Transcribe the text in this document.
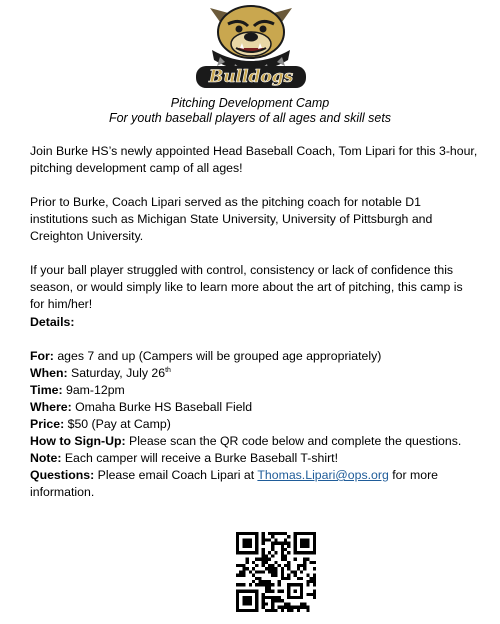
Bulldogs
BASEBALL
Pitching Development Camp
For youth baseball players of all ages and skill sets

Join Burke HS’s newly appointed Head Baseball Coach, Tom Lipari for this 3-hour, pitching development camp of all ages!

Prior to Burke, Coach Lipari served as the pitching coach for notable D1 institutions such as Michigan State University, University of Pittsburgh and Creighton University.

If your ball player struggled with control, consistency or lack of confidence this season, or would simply like to learn more about the art of pitching, this camp is for him/her!

Details:
For: ages 7 and up (Campers will be grouped age appropriately)
When: Saturday, July 26th
Time: 9am-12pm
Where: Omaha Burke HS Baseball Field
Price: $50 (Pay at Camp)
How to Sign-Up: Please scan the QR code below and complete the questions.
Note: Each camper will receive a Burke Baseball T-shirt!

Questions: Please email Coach Lipari at Thomas.Lipari@ops.org for more information.
